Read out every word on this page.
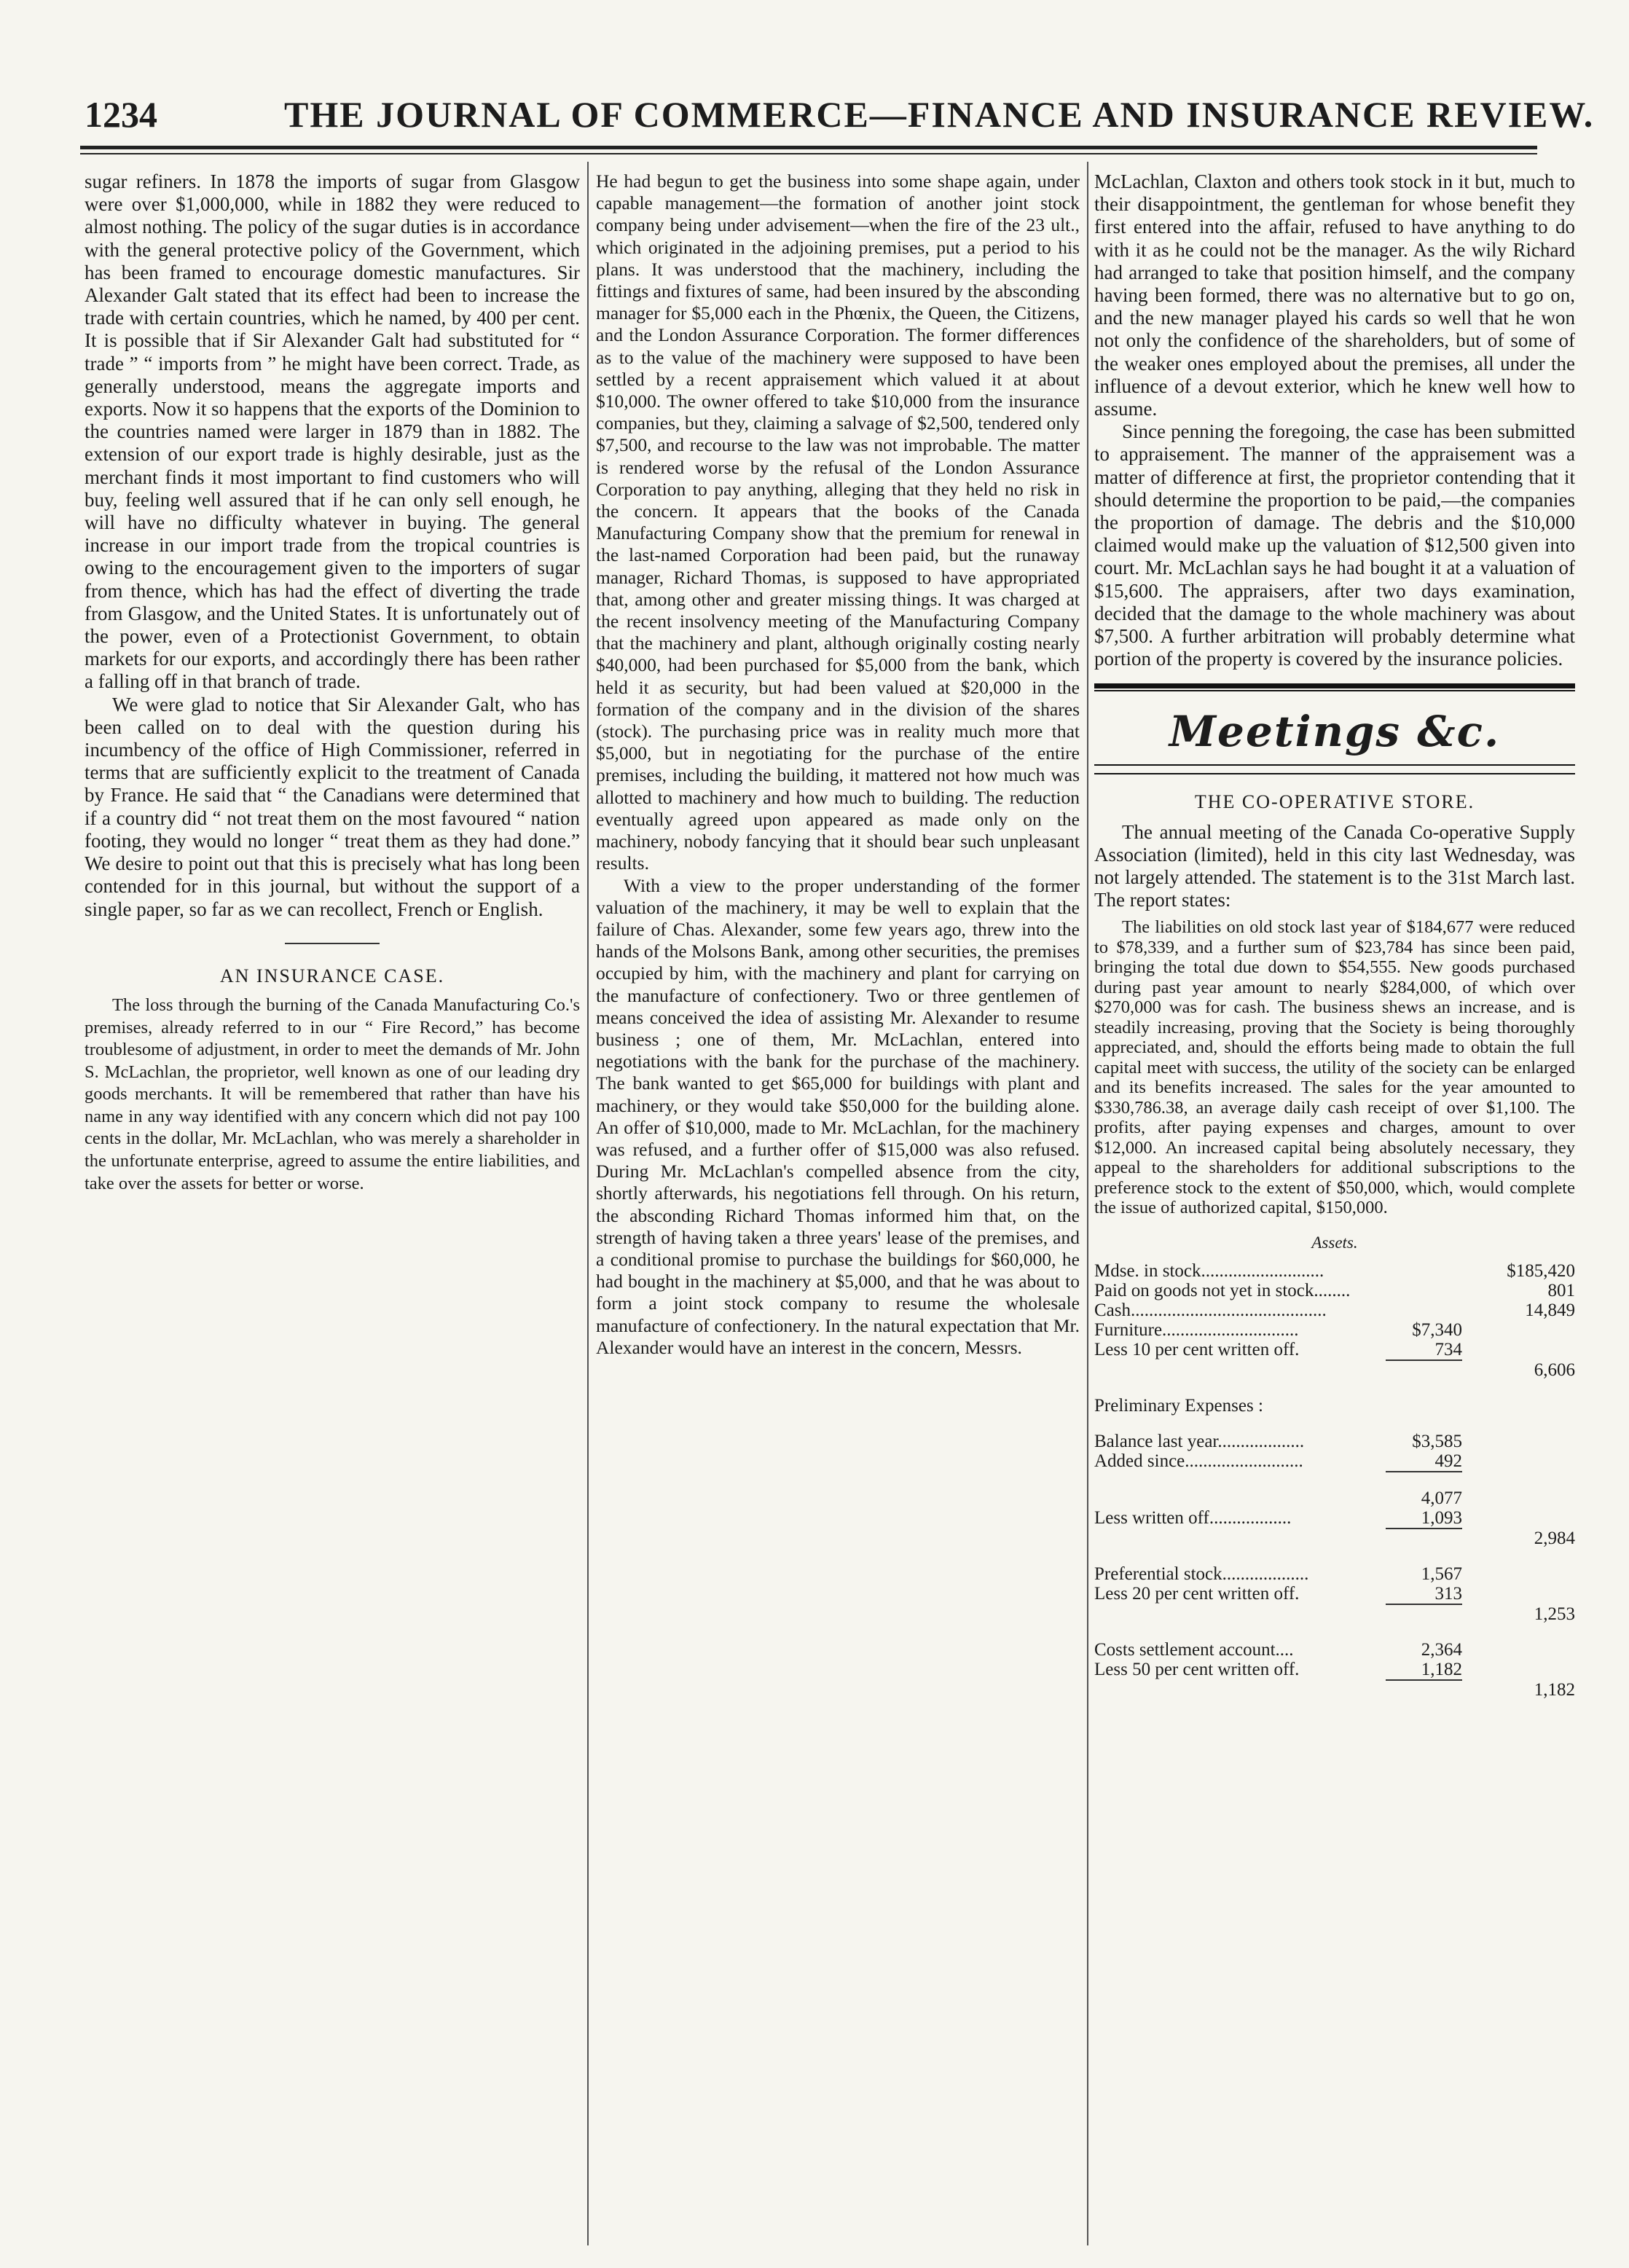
1234	THE JOURNAL OF COMMERCE—FINANCE AND INSURANCE REVIEW.

sugar refiners. In 1878 the imports of sugar from Glasgow were over $1,000,000, while in 1882 they were reduced to almost nothing. The policy of the sugar duties is in accordance with the general protective policy of the Government, which has been framed to encourage domestic manufactures. Sir Alexander Galt stated that its effect had been to increase the trade with certain countries, which he named, by 400 per cent. It is possible that if Sir Alexander Galt had substituted for “ trade ” “ imports from ” he might have been correct. Trade, as generally understood, means the aggregate imports and exports. Now it so happens that the exports of the Dominion to the countries named were larger in 1879 than in 1882. The extension of our export trade is highly desirable, just as the merchant finds it most important to find customers who will buy, feeling well assured that if he can only sell enough, he will have no difficulty whatever in buying. The general increase in our import trade from the tropical countries is owing to the encouragement given to the importers of sugar from thence, which has had the effect of diverting the trade from Glasgow, and the United States. It is unfortunately out of the power, even of a Protectionist Government, to obtain markets for our exports, and accordingly there has been rather a falling off in that branch of trade.

We were glad to notice that Sir Alexander Galt, who has been called on to deal with the question during his incumbency of the office of High Commissioner, referred in terms that are sufficiently explicit to the treatment of Canada by France. He said that “ the Canadians were determined that if a country did “ not treat them on the most favoured “ nation footing, they would no longer “ treat them as they had done.” We desire to point out that this is precisely what has long been contended for in this journal, but without the support of a single paper, so far as we can recollect, French or English.

AN INSURANCE CASE.

The loss through the burning of the Canada Manufacturing Co.'s premises, already referred to in our “ Fire Record,” has become troublesome of adjustment, in order to meet the demands of Mr. John S. McLachlan, the proprietor, well known as one of our leading dry goods merchants. It will be remembered that rather than have his name in any way identified with any concern which did not pay 100 cents in the dollar, Mr. McLachlan, who was merely a shareholder in the unfortunate enterprise, agreed to assume the entire liabilities, and take over the assets for better or worse.

He had begun to get the business into some shape again, under capable management—the formation of another joint stock company being under advisement—when the fire of the 23 ult., which originated in the adjoining premises, put a period to his plans. It was understood that the machinery, including the fittings and fixtures of same, had been insured by the absconding manager for $5,000 each in the Phœnix, the Queen, the Citizens, and the London Assurance Corporation. The former differences as to the value of the machinery were supposed to have been settled by a recent appraisement which valued it at about $10,000. The owner offered to take $10,000 from the insurance companies, but they, claiming a salvage of $2,500, tendered only $7,500, and recourse to the law was not improbable. The matter is rendered worse by the refusal of the London Assurance Corporation to pay anything, alleging that they held no risk in the concern. It appears that the books of the Canada Manufacturing Company show that the premium for renewal in the last-named Corporation had been paid, but the runaway manager, Richard Thomas, is supposed to have appropriated that, among other and greater missing things. It was charged at the recent insolvency meeting of the Manufacturing Company that the machinery and plant, although originally costing nearly $40,000, had been purchased for $5,000 from the bank, which held it as security, but had been valued at $20,000 in the formation of the company and in the division of the shares (stock). The purchasing price was in reality much more that $5,000, but in negotiating for the purchase of the entire premises, including the building, it mattered not how much was allotted to machinery and how much to building. The reduction eventually agreed upon appeared as made only on the machinery, nobody fancying that it should bear such unpleasant results.

With a view to the proper understanding of the former valuation of the machinery, it may be well to explain that the failure of Chas. Alexander, some few years ago, threw into the hands of the Molsons Bank, among other securities, the premises occupied by him, with the machinery and plant for carrying on the manufacture of confectionery. Two or three gentlemen of means conceived the idea of assisting Mr. Alexander to resume business ; one of them, Mr. McLachlan, entered into negotiations with the bank for the purchase of the machinery. The bank wanted to get $65,000 for buildings with plant and machinery, or they would take $50,000 for the building alone. An offer of $10,000, made to Mr. McLachlan, for the machinery was refused, and a further offer of $15,000 was also refused. During Mr. McLachlan's compelled absence from the city, shortly afterwards, his negotiations fell through. On his return, the absconding Richard Thomas informed him that, on the strength of having taken a three years' lease of the premises, and a conditional promise to purchase the buildings for $60,000, he had bought in the machinery at $5,000, and that he was about to form a joint stock company to resume the wholesale manufacture of confectionery. In the natural expectation that Mr. Alexander would have an interest in the concern, Messrs.

McLachlan, Claxton and others took stock in it but, much to their disappointment, the gentleman for whose benefit they first entered into the affair, refused to have anything to do with it as he could not be the manager. As the wily Richard had arranged to take that position himself, and the company having been formed, there was no alternative but to go on, and the new manager played his cards so well that he won not only the confidence of the shareholders, but of some of the weaker ones employed about the premises, all under the influence of a devout exterior, which he knew well how to assume.

Since penning the foregoing, the case has been submitted to appraisement. The manner of the appraisement was a matter of difference at first, the proprietor contending that it should determine the proportion to be paid,—the companies the proportion of damage. The debris and the $10,000 claimed would make up the valuation of $12,500 given into court. Mr. McLachlan says he had bought it at a valuation of $15,600. The appraisers, after two days examination, decided that the damage to the whole machinery was about $7,500. A further arbitration will probably determine what portion of the property is covered by the insurance policies.

Meetings &c.
THE CO-OPERATIVE STORE.

The annual meeting of the Canada Co-operative Supply Association (limited), held in this city last Wednesday, was not largely attended. The statement is to the 31st March last. The report states:

The liabilities on old stock last year of $184,677 were reduced to $78,339, and a further sum of $23,784 has since been paid, bringing the total due down to $54,555. New goods purchased during past year amount to nearly $284,000, of which over $270,000 was for cash. The business shews an increase, and is steadily increasing, proving that the Society is being thoroughly appreciated, and, should the efforts being made to obtain the full capital meet with success, the utility of the society can be enlarged and its benefits increased. The sales for the year amounted to $330,786.38, an average daily cash receipt of over $1,100. The profits, after paying expenses and charges, amount to over $12,000. An increased capital being absolutely necessary, they appeal to the shareholders for additional subscriptions to the preference stock to the extent of $50,000, which, would complete the issue of authorized capital, $150,000.

Assets.
Mdse. in stock...........................		$185,420
Paid on goods not yet in stock........		801
Cash...........................................		14,849
Furniture..............................	$7,340	
Less 10 per cent written off.	734	
		6,606

Preliminary Expenses :		

Balance last year...................	$3,585	
Added since..........................	492	

	4,077	
Less written off..................	1,093	
		2,984

Preferential stock...................	1,567	
Less 20 per cent written off.	313	
		1,253

Costs settlement account....	2,364	
Less 50 per cent written off.	1,182	
		1,182
